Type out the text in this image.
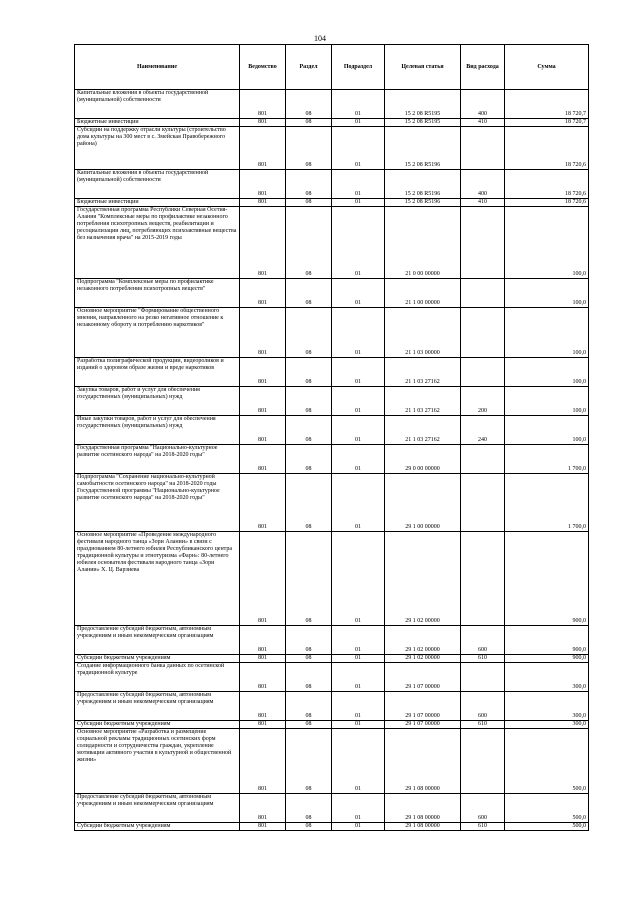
104
Наименование	Ведомство	Раздел	Подраздел	Целевая статья	Вид расхода	Сумма
Капитальные вложения в объекты государственной (муниципальной) собственности	801	08	01	15 2 08 R5195	400	18 720,7
Бюджетные инвестиции	801	08	01	15 2 08 R5195	410	18 720,7
Субсидии на поддержку отрасли культуры (строительство дома культуры на 300 мест в с. Змейская Правобережного района)	801	08	01	15 2 08 R5196		18 720,6
Капитальные вложения в объекты государственной (муниципальной) собственности	801	08	01	15 2 08 R5196	400	18 720,6
Бюджетные инвестиции	801	08	01	15 2 08 R5196	410	18 720,6
Государственная программа Республики Северная Осетия-Алания "Комплексные меры по профилактике незаконного потребления психотропных веществ, реабилитации и ресоциализации лиц, потребляющих психоактивные вещества без назначения врача" на 2015-2019 годы	801	08	01	21 0 00 00000		100,0
Подпрограмма "Комплексные меры по профилактике незаконного потребления психотропных веществ"	801	08	01	21 1 00 00000		100,0
Основное мероприятие "Формирование общественного мнения, направленного на резко негативное отношение к незаконному обороту и потреблению наркотиков"	801	08	01	21 1 03 00000		100,0
Разработка полиграфической продукции, видеороликов и изданий о здоровом образе жизни и вреде наркотиков	801	08	01	21 1 03 27162		100,0
Закупка товаров, работ и услуг для обеспечения государственных (муниципальных) нужд	801	08	01	21 1 03 27162	200	100,0
Иные закупки товаров, работ и услуг для обеспечения государственных (муниципальных) нужд	801	08	01	21 1 03 27162	240	100,0
Государственная программа "Национально-культурное развитие осетинского народа" на 2018-2020 годы"	801	08	01	29 0 00 00000		1 700,0
Подпрограмма "Сохранение национально-культурной самобытности осетинского народа" на 2018-2020 годы Государственной программы "Национально-культурное развитие осетинского народа" на 2018-2020 годы"	801	08	01	29 1 00 00000		1 700,0
Основное мероприятие «Проведение международного фестиваля народного танца «Зори Алании» в связи с празднованием 80-летнего юбилея Республиканского центра традиционной культуры и этнотуризма «Фарн»: 80-летнего юбилея основателя фестиваля народного танца «Зори Алании» Х. Ц. Варзиева	801	08	01	29 1 02 00000		900,0
Предоставление субсидий бюджетным, автономным учреждениям и иным некоммерческим организациям	801	08	01	29 1 02 00000	600	900,0
Субсидии бюджетным учреждениям	801	08	01	29 1 02 00000	610	900,0
Создание информационного банка данных по осетинской традиционной культуре	801	08	01	29 1 07 00000		300,0
Предоставление субсидий бюджетным, автономным учреждениям и иным некоммерческим организациям	801	08	01	29 1 07 00000	600	300,0
Субсидии бюджетным учреждениям	801	08	01	29 1 07 00000	610	300,0
Основное мероприятие «Разработка и размещение социальной рекламы традиционных осетинских форм солидарности и сотрудничества граждан, укрепление мотивации активного участия в культурной и общественной жизни»	801	08	01	29 1 08 00000		500,0
Предоставление субсидий бюджетным, автономным учреждениям и иным некоммерческим организациям	801	08	01	29 1 08 00000	600	500,0
Субсидии бюджетным учреждениям	801	08	01	29 1 08 00000	610	500,0
